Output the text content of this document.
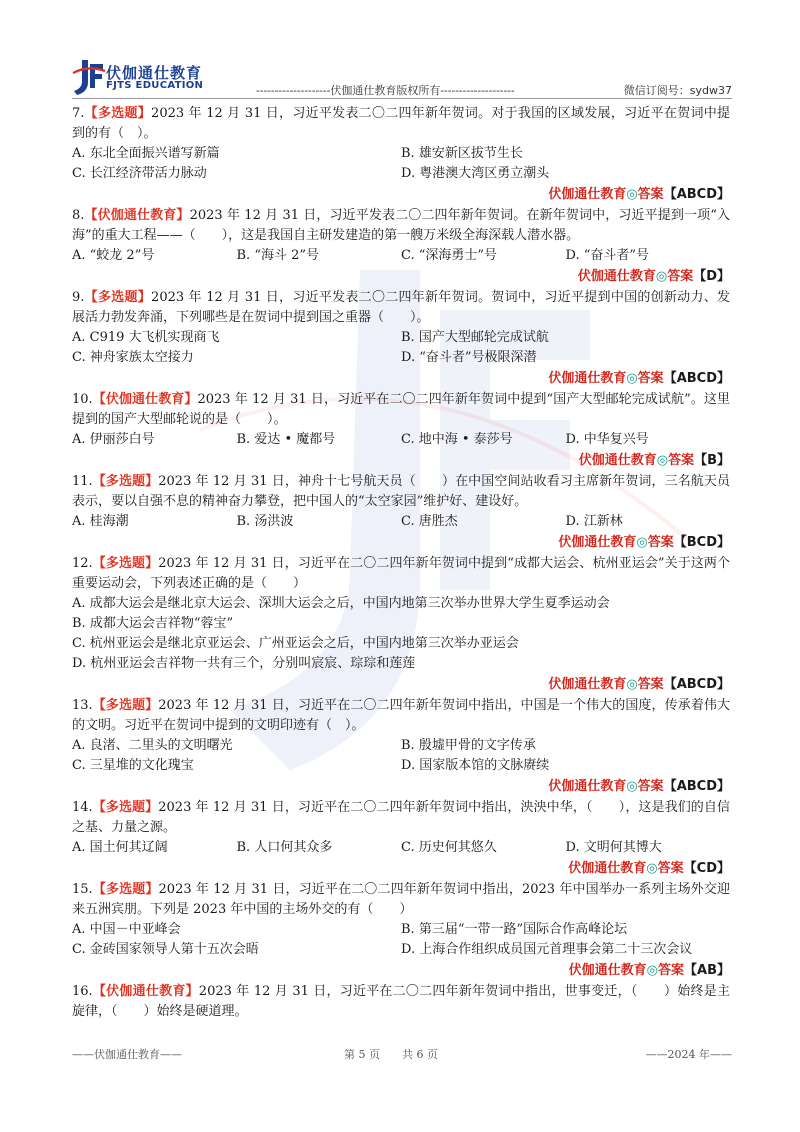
伏伽通仕教育
FJTS EDUCATION	--------------------伏伽通仕教育版权所有--------------------	微信订阅号：sydw37
7.【多选题】2023 年 12 月 31 日，习近平发表二〇二四年新年贺词。对于我国的区域发展，习近平在贺词中提到的有（　）。
A. 东北全面振兴谱写新篇	B. 雄安新区拔节生长
C. 长江经济带活力脉动	D. 粤港澳大湾区勇立潮头
伏伽通仕教育◎答案【ABCD】
8.【伏伽通仕教育】2023 年 12 月 31 日，习近平发表二〇二四年新年贺词。在新年贺词中，习近平提到一项“入海”的重大工程——（　　），这是我国自主研发建造的第一艘万米级全海深载人潜水器。
A. “蛟龙 2”号	B. “海斗 2”号	C. “深海勇士”号	D. “奋斗者”号
伏伽通仕教育◎答案【D】
9.【多选题】2023 年 12 月 31 日，习近平发表二〇二四年新年贺词。贺词中，习近平提到中国的创新动力、发展活力勃发奔涌，下列哪些是在贺词中提到国之重器（　　）。
A. C919 大飞机实现商飞	B. 国产大型邮轮完成试航
C. 神舟家族太空接力	D. “奋斗者”号极限深潜
伏伽通仕教育◎答案【ABCD】
10.【伏伽通仕教育】2023 年 12 月 31 日，习近平在二〇二四年新年贺词中提到“国产大型邮轮完成试航”。这里提到的国产大型邮轮说的是（　　）。
A. 伊丽莎白号	B. 爱达 • 魔都号	C. 地中海 • 泰莎号	D. 中华复兴号
伏伽通仕教育◎答案【B】
11.【多选题】2023 年 12 月 31 日，神舟十七号航天员（　　）在中国空间站收看习主席新年贺词，三名航天员表示，要以自强不息的精神奋力攀登，把中国人的“太空家园”维护好、建设好。
A. 桂海潮	B. 汤洪波	C. 唐胜杰	D. 江新林
伏伽通仕教育◎答案【BCD】
12.【多选题】2023 年 12 月 31 日，习近平在二〇二四年新年贺词中提到“成都大运会、杭州亚运会”关于这两个重要运动会，下列表述正确的是（　　）
A. 成都大运会是继北京大运会、深圳大运会之后，中国内地第三次举办世界大学生夏季运动会
B. 成都大运会吉祥物“蓉宝”
C. 杭州亚运会是继北京亚运会、广州亚运会之后，中国内地第三次举办亚运会
D. 杭州亚运会吉祥物一共有三个，分别叫宸宸、琮琮和莲莲
伏伽通仕教育◎答案【ABCD】
13.【多选题】2023 年 12 月 31 日，习近平在二〇二四年新年贺词中指出，中国是一个伟大的国度，传承着伟大的文明。习近平在贺词中提到的文明印迹有（　）。
A. 良渚、二里头的文明曙光	B. 殷墟甲骨的文字传承
C. 三星堆的文化瑰宝	D. 国家版本馆的文脉赓续
伏伽通仕教育◎答案【ABCD】
14.【多选题】2023 年 12 月 31 日，习近平在二〇二四年新年贺词中指出，泱泱中华，（　　），这是我们的自信之基、力量之源。
A. 国土何其辽阔	B. 人口何其众多	C. 历史何其悠久	D. 文明何其博大
伏伽通仕教育◎答案【CD】
15.【多选题】2023 年 12 月 31 日，习近平在二〇二四年新年贺词中指出，2023 年中国举办一系列主场外交迎来五洲宾朋。下列是 2023 年中国的主场外交的有（　　）
A. 中国－中亚峰会	B. 第三届“一带一路”国际合作高峰论坛
C. 金砖国家领导人第十五次会晤	D. 上海合作组织成员国元首理事会第二十三次会议
伏伽通仕教育◎答案【AB】
16.【伏伽通仕教育】2023 年 12 月 31 日，习近平在二〇二四年新年贺词中指出，世事变迁，（　　）始终是主旋律，（　　）始终是硬道理。
——伏伽通仕教育——	第 5 页　　共 6 页	——2024 年——
